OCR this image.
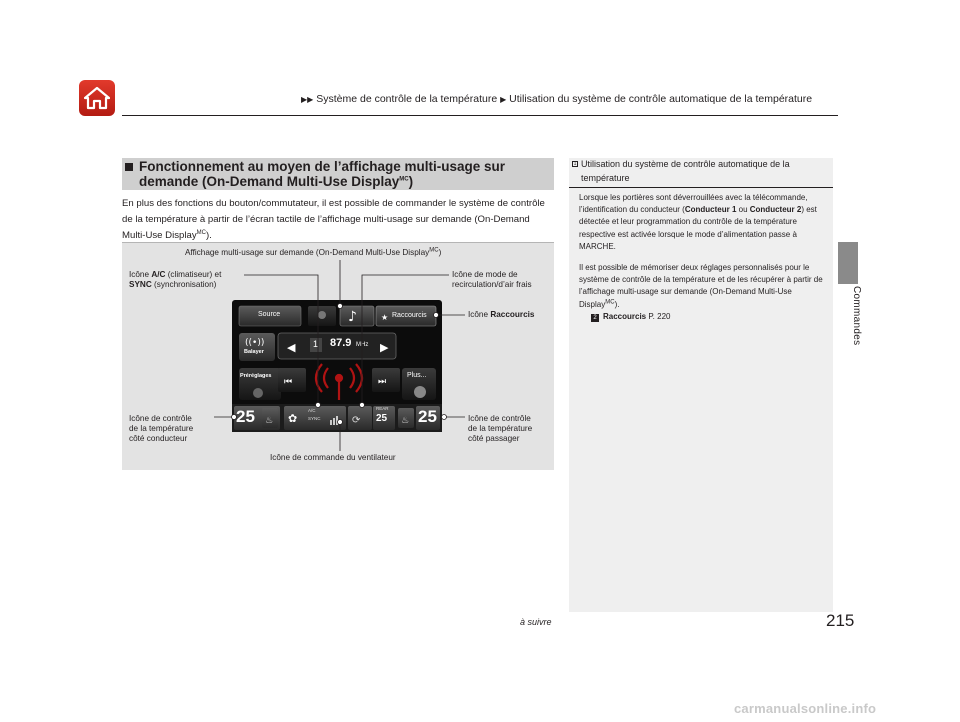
▶▶ Système de contrôle de la température ▶ Utilisation du système de contrôle automatique de la température
Commandes
Fonctionnement au moyen de l’affichage multi-usage sur
demande (On-Demand Multi-Use Display$^{MC}$)
En plus des fonctions du bouton/commutateur, il est possible de commander le système de contrôle de la température à partir de l’écran tactile de l’affichage multi-usage sur demande (On-Demand Multi-Use Display$^{MC}$).
Affichage multi-usage sur demande (On-Demand Multi-Use Display$^{MC}$)
Icône A/C (climatiseur) et
SYNC (synchronisation)
Icône de mode de
recirculation/d’air frais
Icône Raccourcis
Icône de contrôle
de la température
côté conducteur
Icône de contrôle
de la température
côté passager
Icône de commande du ventilateur
♪	★
((•)) ◀	▶
⏮	⏭
♨ ✿	⟳	♨
Source	Raccourcis
Balayer
1 87.9 MHz
Préréglages	Plus...
25	25
REAR
25
A/C
SYNC
1 Utilisation du système de contrôle automatique de la
température
Lorsque les portières sont déverrouillées avec la télécommande, l’identification du conducteur (Conducteur 1 ou Conducteur 2) est détectée et leur programmation du contrôle de la température respective est activée lorsque le mode d’alimentation passe à MARCHE.
Il est possible de mémoriser deux réglages personnalisés pour le système de contrôle de la température et de les récupérer à partir de l’affichage multi-usage sur demande (On-Demand Multi-Use Display$^{MC}$).
2 Raccourcis P. 220
à suivre	215
carmanualsonline.info
